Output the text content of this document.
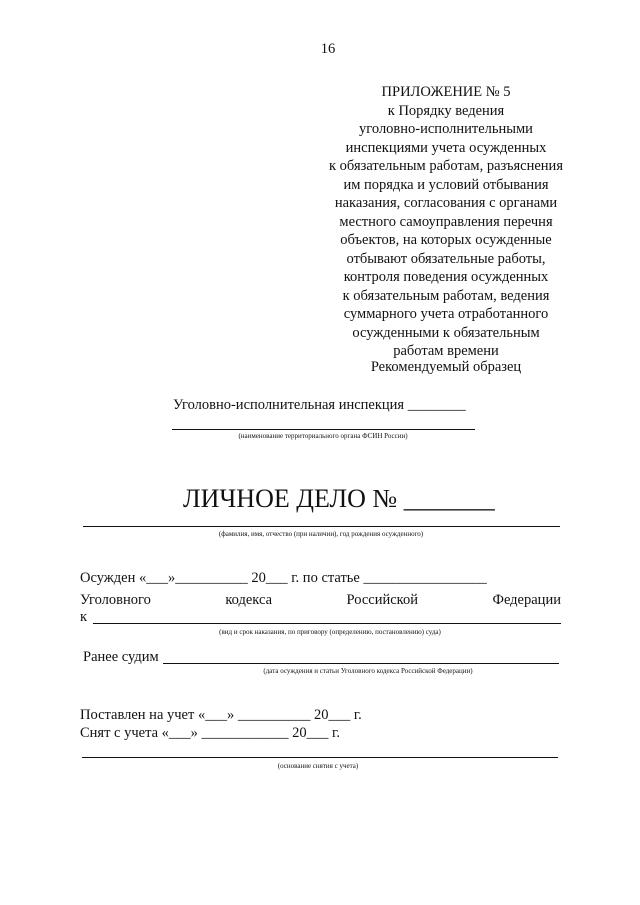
16
ПРИЛОЖЕНИЕ № 5
к Порядку ведения
уголовно-исполнительными
инспекциями учета осужденных
к обязательным работам, разъяснения
им порядка и условий отбывания
наказания, согласования с органами
местного самоуправления перечня
объектов, на которых осужденные
отбывают обязательные работы,
контроля поведения осужденных
к обязательным работам, ведения
суммарного учета отработанного
осужденными к обязательным
работам времени
Рекомендуемый образец
Уголовно-исполнительная инспекция ________
(наименование территориального органа ФСИН России)
ЛИЧНОЕ ДЕЛО № _______
(фамилия, имя, отчество (при наличии), год рождения осужденного)
Осужден «___»__________ 20___ г. по статье _________________
Уголовного	кодекса	Российской	Федерации
к
(вид и срок наказания, по приговору (определению, постановлению) суда)
Ранее судим
(дата осуждения и статьи Уголовного кодекса Российской Федерации)
Поставлен на учет «___» __________ 20___ г.
Снят с учета «___» ____________ 20___ г.
(основание снятия с учета)
